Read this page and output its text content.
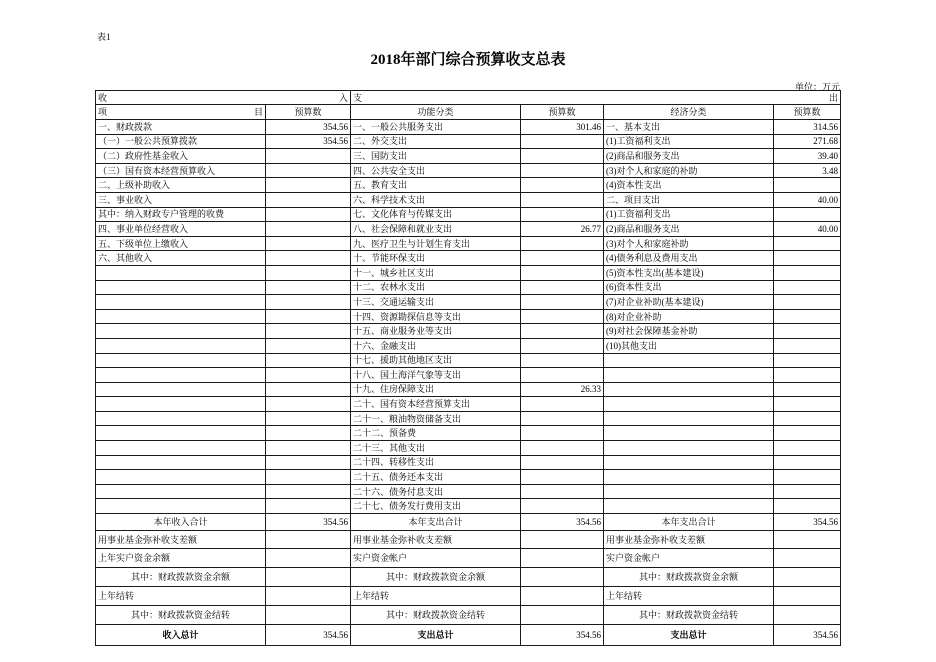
表1
2018年部门综合预算收支总表
单位：万元
收 入		支 出			
项 目	预算数	功能分类	预算数	经济分类	预算数
一、财政拨款	354.56	一、一般公共服务支出	301.46	一、基本支出	314.56
（一）一般公共预算拨款	354.56	二、外交支出		(1)工资福利支出	271.68
（二）政府性基金收入		三、国防支出		(2)商品和服务支出	39.40
（三）国有资本经营预算收入		四、公共安全支出		(3)对个人和家庭的补助	3.48
二、上级补助收入		五、教育支出		(4)资本性支出	
三、事业收入		六、科学技术支出		二、项目支出	40.00
其中：纳入财政专户管理的收费		七、文化体育与传媒支出		(1)工资福利支出	
四、事业单位经营收入		八、社会保障和就业支出	26.77	(2)商品和服务支出	40.00
五、下级单位上缴收入		九、医疗卫生与计划生育支出		(3)对个人和家庭补助	
六、其他收入		十、节能环保支出		(4)债务利息及费用支出	
		十一、城乡社区支出		(5)资本性支出(基本建设)	
		十二、农林水支出		(6)资本性支出	
		十三、交通运输支出		(7)对企业补助(基本建设)	
		十四、资源勘探信息等支出		(8)对企业补助	
		十五、商业服务业等支出		(9)对社会保障基金补助	
		十六、金融支出		(10)其他支出	
		十七、援助其他地区支出			
		十八、国土海洋气象等支出			
		十九、住房保障支出	26.33		
		二十、国有资本经营预算支出			
		二十一、粮油物资储备支出			
		二十二、预备费			
		二十三、其他支出			
		二十四、转移性支出			
		二十五、债务还本支出			
		二十六、债务付息支出			
		二十七、债务发行费用支出			
本年收入合计	354.56	本年支出合计	354.56	本年支出合计	354.56
用事业基金弥补收支差额		用事业基金弥补收支差额		用事业基金弥补收支差额	
上年实户资金余额		实户资金帐户		实户资金帐户	
其中：财政拨款资金余额		其中：财政拨款资金余额		其中：财政拨款资金余额	
上年结转		上年结转		上年结转	
其中：财政拨款资金结转		其中：财政拨款资金结转		其中：财政拨款资金结转	
收入总计	354.56	支出总计	354.56	支出总计	354.56
